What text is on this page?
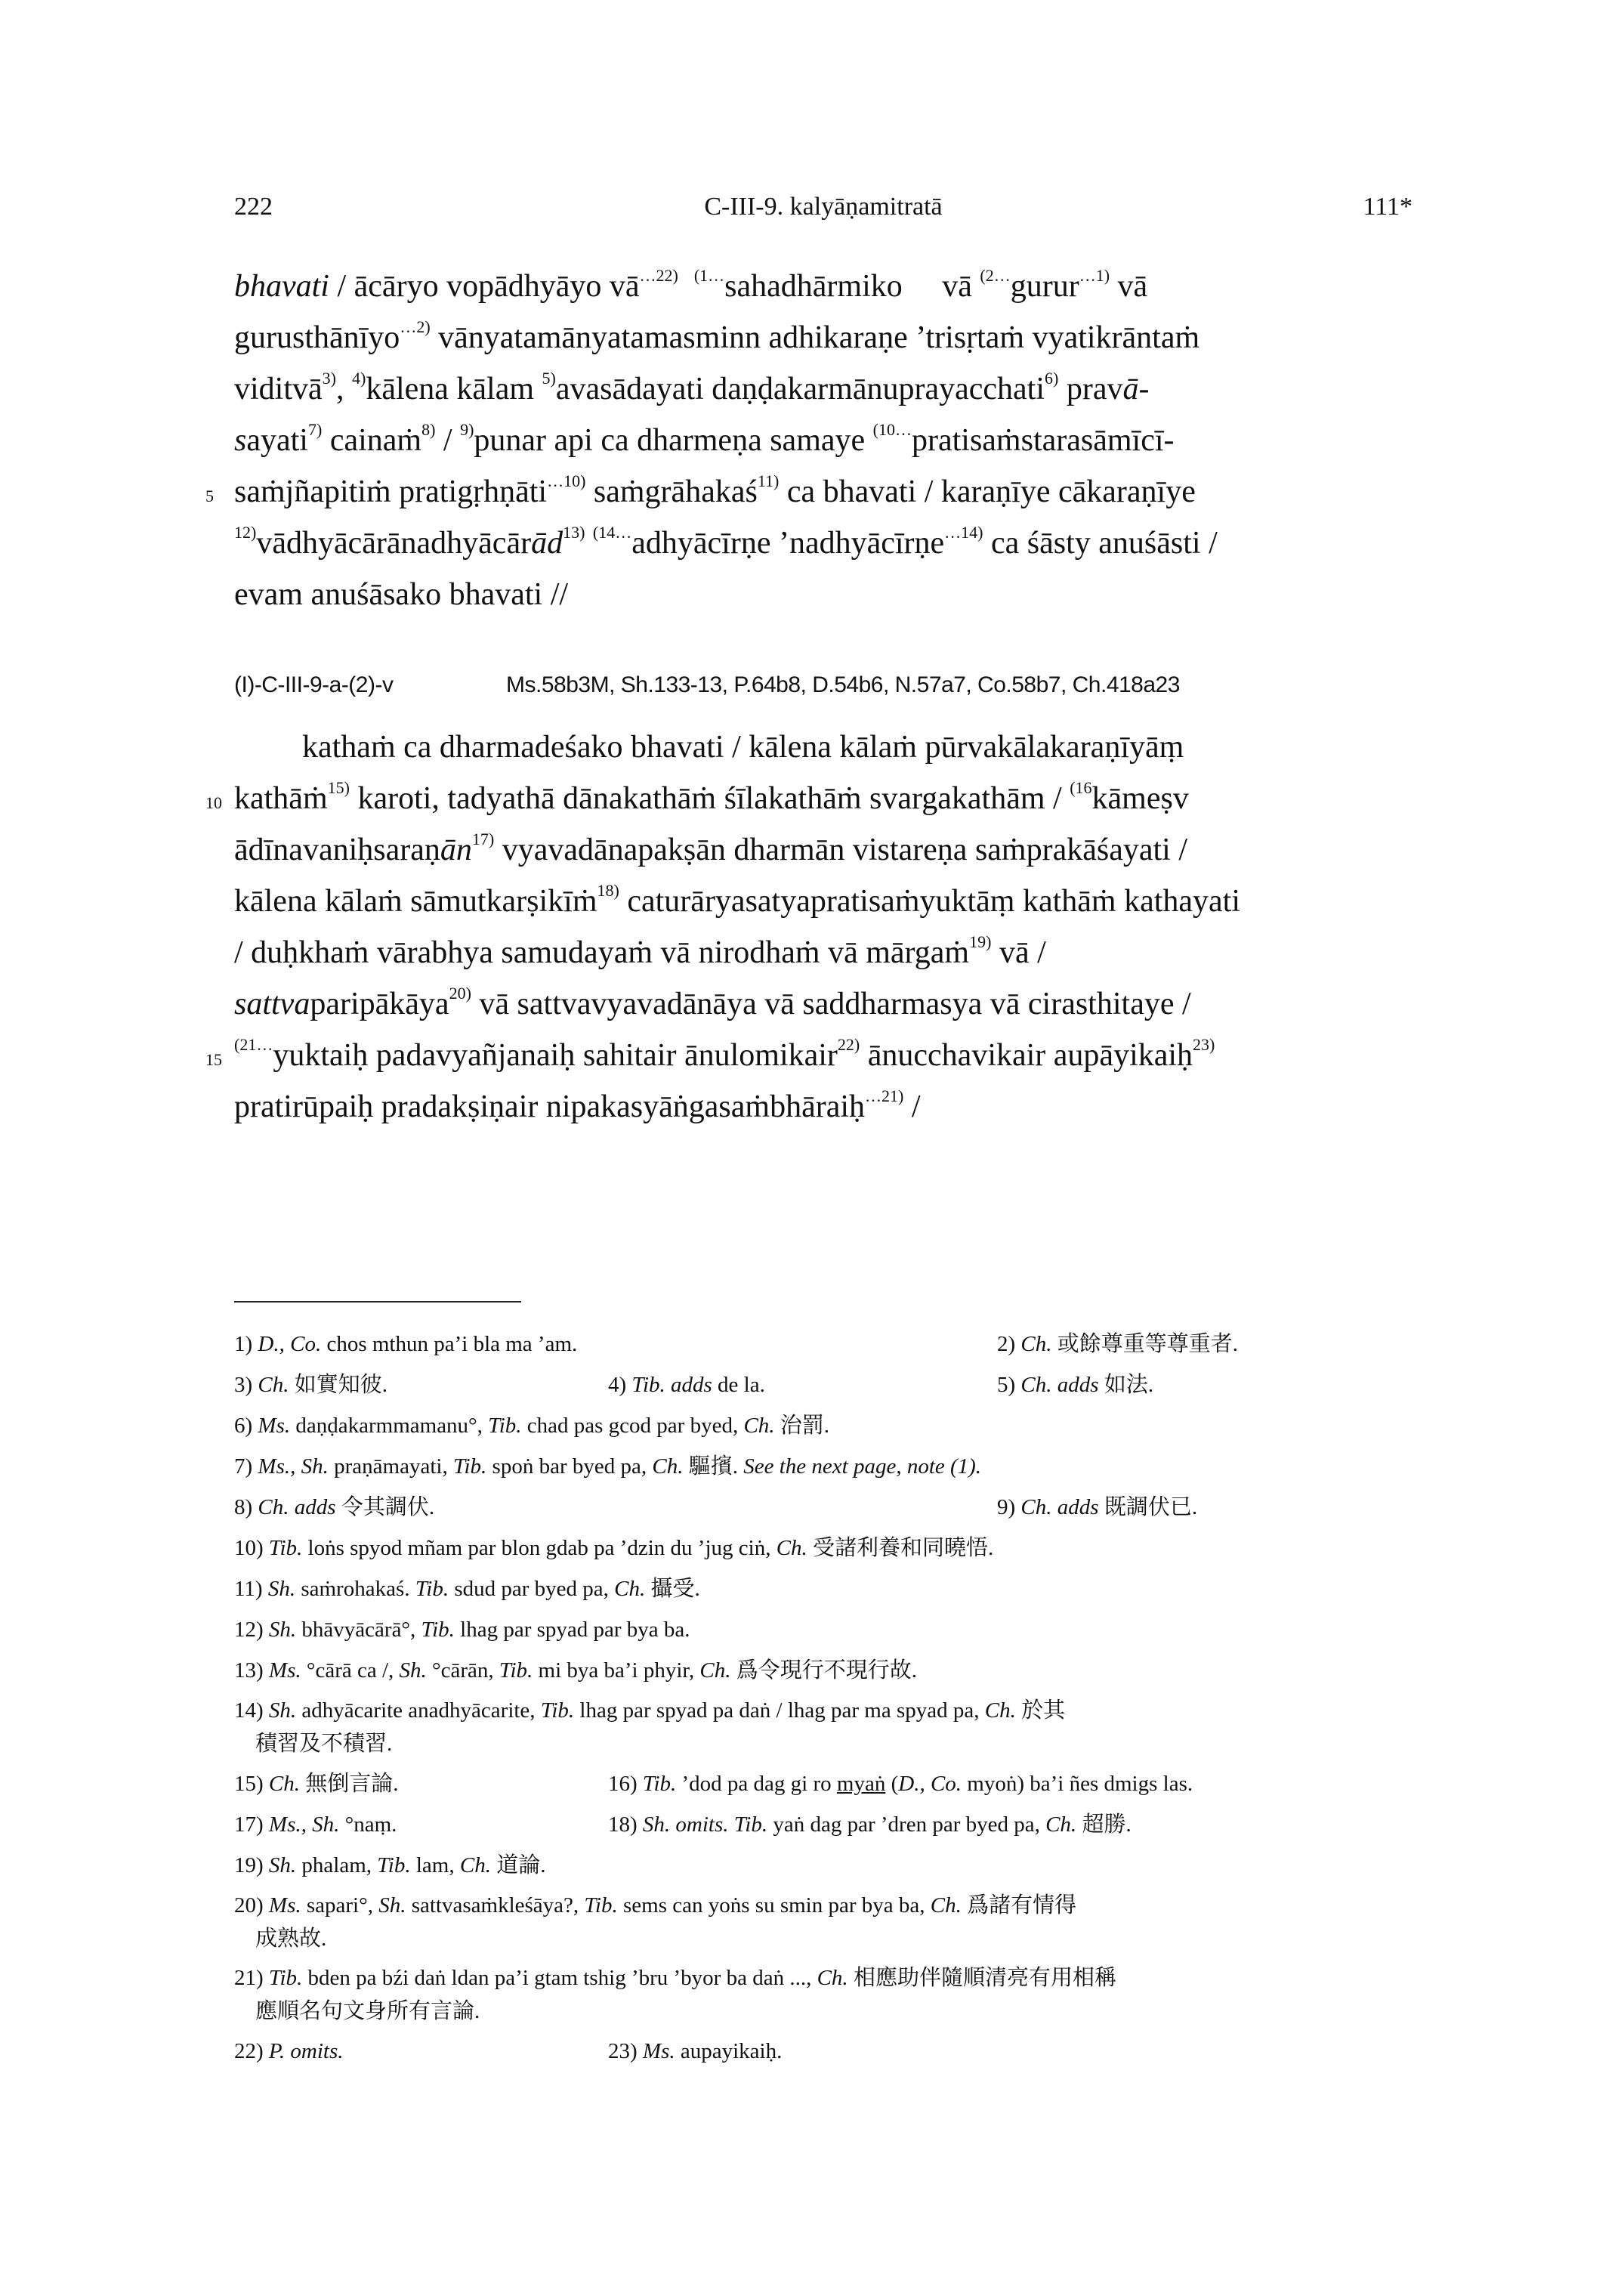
222	C-III-9. kalyāṇamitratā	111*
bhavati / ācāryo vopādhyāyo $vā^{\dots 22)}$ $^{(1\dots}$sahadhārmiko     vā $^{(2\dots}$gurur$^{\dots 1)}$ vā
gurusthānīyo$^{\dots 2)}$ vānyatamānyatamasminn adhikaraṇe ’trisṛtaṁ vyatikrāntaṁ
viditvā$^{3)}$, $^{4)}$kālena kālam $^{5)}$avasādayati daṇḍakarmānuprayacchati$^{6)}$ pravā-
sayati$^{7)}$ cainaṁ$^{8)}$ / $^{9)}$punar api ca dharmeṇa samaye $^{(10\dots}$pratisaṁstarasāmīcī-
5 saṁjñapitiṁ pratigṛhṇāti$^{\dots 10)}$ saṁgrāhakaś$^{11)}$ ca bhavati / karaṇīye cākaraṇīye
$^{12)}$vādhyācārānadhyācārād$^{13)}$ $^{(14\dots}$adhyācīrṇe ’nadhyācīrṇe$^{\dots 14)}$ ca śāsty anuśāsti /
evam anuśāsako bhavati //
(I)-C-III-9-a-(2)-v	Ms.58b3M, Sh.133-13, P.64b8, D.54b6, N.57a7, Co.58b7, Ch.418a23
kathaṁ ca dharmadeśako bhavati / kālena kālaṁ pūrvakālakaraṇīyāṃ
10 kathāṁ$^{15)}$ karoti, tadyathā dānakathāṁ śīlakathāṁ svargakathām / $^{(16}$kāmeṣv
ādīnavaniḥsaraṇān$^{17)}$ vyavadānapakṣān dharmān vistareṇa saṁprakāśayati /
kālena kālaṁ sāmutkarṣikīṁ$^{18)}$ caturāryasatyapratisaṁyuktāṃ kathāṁ kathayati
/ duḥkhaṁ vārabhya samudayaṁ vā nirodhaṁ vā mārgaṁ$^{19)}$ vā /
sattvaparipākāya$^{20)}$ vā sattvavyavadānāya vā saddharmasya vā cirasthitaye /
15
$^{(21\dots}$yuktaiḥ padavyañjanaiḥ sahitair ānulomikair$^{22)}$ ānucchavikair aupāyikaiḥ$^{23)}$
pratirūpaiḥ pradakṣiṇair nipakasyāṅgasaṁbhāraiḥ$^{\dots 21)}$ /
1) D., Co. chos mthun pa’i bla ma ’am.	2) Ch. 或餘尊重等尊重者.
3) Ch. 如實知彼.	4) Tib. adds de la.	5) Ch. adds 如法.
6) Ms. daṇḍakarmmamanu°, Tib. chad pas gcod par byed, Ch. 治罰.
7) Ms., Sh. praṇāmayati, Tib. spoṅ bar byed pa, Ch. 驅擯. See the next page, note (1).
8) Ch. adds 令其調伏.	9) Ch. adds 既調伏已.
10) Tib. loṅs spyod mñam par blon gdab pa ’dzin du ’jug ciṅ, Ch. 受諸利養和同曉悟.
11) Sh. saṁrohakaś. Tib. sdud par byed pa, Ch. 攝受.
12) Sh. bhāvyācārā°, Tib. lhag par spyad par bya ba.
13) Ms. °cārā ca /, Sh. °cārān, Tib. mi bya ba’i phyir, Ch. 爲令現行不現行故.
14) Sh. adhyācarite anadhyācarite, Tib. lhag par spyad pa daṅ / lhag par ma spyad pa, Ch. 於其
積習及不積習.
15) Ch. 無倒言論.	16) Tib. ’dod pa dag gi ro myaṅ (D., Co. myoṅ) ba’i ñes dmigs las.
17) Ms., Sh. °naṃ.	18) Sh. omits. Tib. yaṅ dag par ’dren par byed pa, Ch. 超勝.
19) Sh. phalam, Tib. lam, Ch. 道論.
20) Ms. sapari°, Sh. sattvasaṁkleśāya?, Tib. sems can yoṅs su smin par bya ba, Ch. 爲諸有情得
成熟故.
21) Tib. bden pa bźi daṅ ldan pa’i gtam tshig ’bru ’byor ba daṅ ..., Ch. 相應助伴隨順清亮有用相稱
應順名句文身所有言論.
22) P. omits.	23) Ms. aupayikaiḥ.
